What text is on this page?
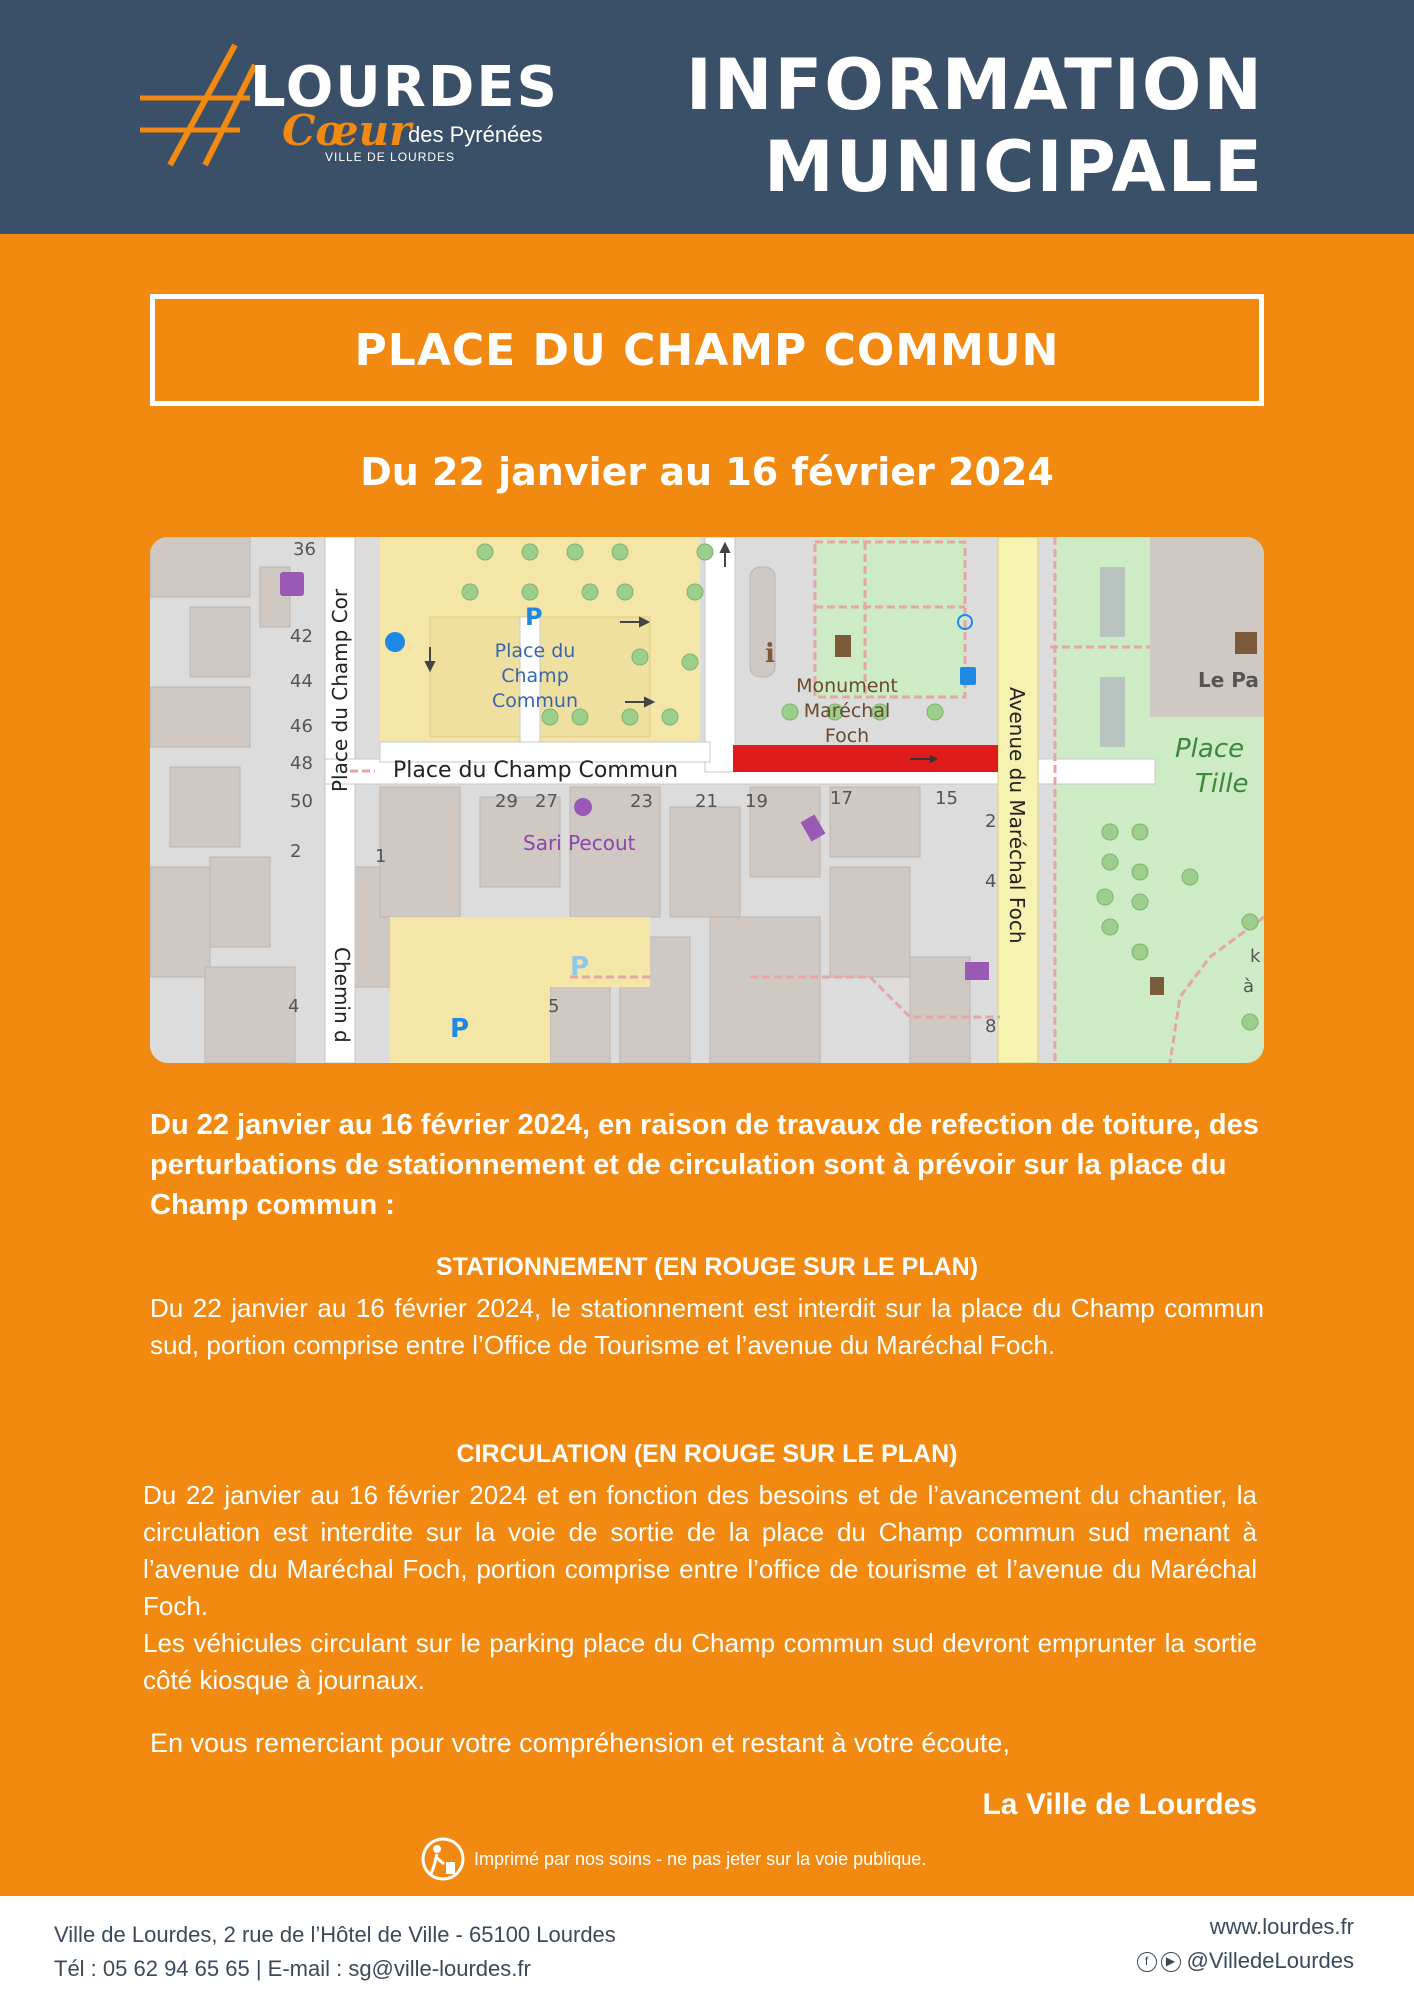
LOURDES
Cœur
des Pyrénées
VILLE DE LOURDES
INFORMATION
MUNICIPALE
PLACE DU CHAMP COMMUN
Du 22 janvier au 16 février 2024
i
Place du Champ Commun
Place du Champ Cor	Avenue du Maréchal Foch
Chemin d
Sari Pecout
Le Pa
P
P
P
Place du
Champ
Commun
Monument
Maréchal
Foch	Place
Tille
k
à
36
42
44
46
48
50
2	1
4
29 27	23 21 19	17	15
2
4
5
8
Du 22 janvier au 16 février 2024, en raison de travaux de refection de toiture, des perturbations de stationnement et de circulation sont à prévoir sur la place du Champ commun :
STATIONNEMENT (EN ROUGE SUR LE PLAN)
Du 22 janvier au 16 février 2024, le stationnement est interdit sur la place du Champ commun sud, portion comprise entre l’Office de Tourisme et l’avenue du Maréchal Foch.
CIRCULATION (EN ROUGE SUR LE PLAN)
Du 22 janvier au 16 février 2024 et en fonction des besoins et de l’avancement du chantier, la circulation est interdite sur la voie de sortie de la place du Champ commun sud menant à l’avenue du Maréchal Foch, portion comprise entre l’office de tourisme et l’avenue du Maréchal Foch.
Les véhicules circulant sur le parking place du Champ commun sud devront emprunter la sortie côté kiosque à journaux.
En vous remerciant pour votre compréhension et restant à votre écoute,
La Ville de Lourdes
Imprimé par nos soins - ne pas jeter sur la voie publique.
Ville de Lourdes, 2 rue de l’Hôtel de Ville - 65100 Lourdes
Tél : 05 62 94 65 65 | E-mail : sg@ville-lourdes.fr
www.lourdes.fr
f	▶ @VilledeLourdes
